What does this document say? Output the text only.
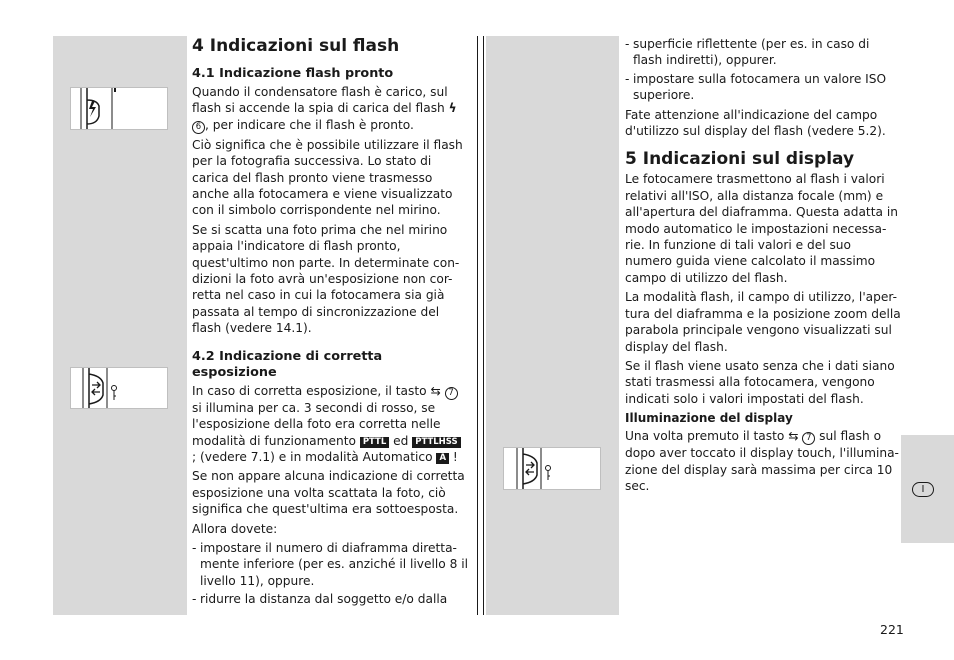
I
4 Indicazioni sul flash
4.1 Indicazione flash pronto

Quando il condensatore flash è carico, sul flash si accende la spia di carica del flash ϟ 6 , per indicare che il flash è pronto.

Ciò significa che è possibile utilizzare il flash per la fotografia successiva. Lo stato di carica del flash pronto viene trasmesso anche alla fotocamera e viene visualizzato con il simbolo corrispondente nel mirino.

Se si scatta una foto prima che nel mirino appaia l'indicatore di flash pronto, quest'ultimo non parte. In determinate con-dizioni la foto avrà un'esposizione non cor-retta nel caso in cui la fotocamera sia già passata al tempo di sincronizzazione del flash (vedere 14.1).

4.2 Indicazione di corretta esposizione

In caso di corretta esposizione, il tasto ⇆ 7 si illumina per ca. 3 secondi di rosso, se l'esposizione della foto era corretta nelle modalità di funzionamento PTTL ed PTTLHSS ; (vedere 7.1) e in modalità Automatico A !

Se non appare alcuna indicazione di corretta esposizione una volta scattata la foto, ciò significa che quest'ultima era sottoesposta.

Allora dovete:

- impostare il numero di diaframma diretta-mente inferiore (per es. anziché il livello 8 il livello 11), oppure.
- ridurre la distanza dal soggetto e/o dalla
- superficie riflettente (per es. in caso di flash indiretti), oppurer.
- impostare sulla fotocamera un valore ISO superiore.

Fate attenzione all'indicazione del campo d'utilizzo sul display del flash (vedere 5.2).

5 Indicazioni sul display

Le fotocamere trasmettono al flash i valori relativi all'ISO, alla distanza focale (mm) e all'apertura del diaframma. Questa adatta in modo automatico le impostazioni necessa-rie. In funzione di tali valori e del suo numero guida viene calcolato il massimo campo di utilizzo del flash.

La modalità flash, il campo di utilizzo, l'aper-tura del diaframma e la posizione zoom della parabola principale vengono visualizzati sul display del flash.

Se il flash viene usato senza che i dati siano stati trasmessi alla fotocamera, vengono indicati solo i valori impostati del flash.

Illuminazione del display

Una volta premuto il tasto ⇆ 7 sul flash o dopo aver toccato il display touch, l'illumina-zione del display sarà massima per circa 10 sec.

221
